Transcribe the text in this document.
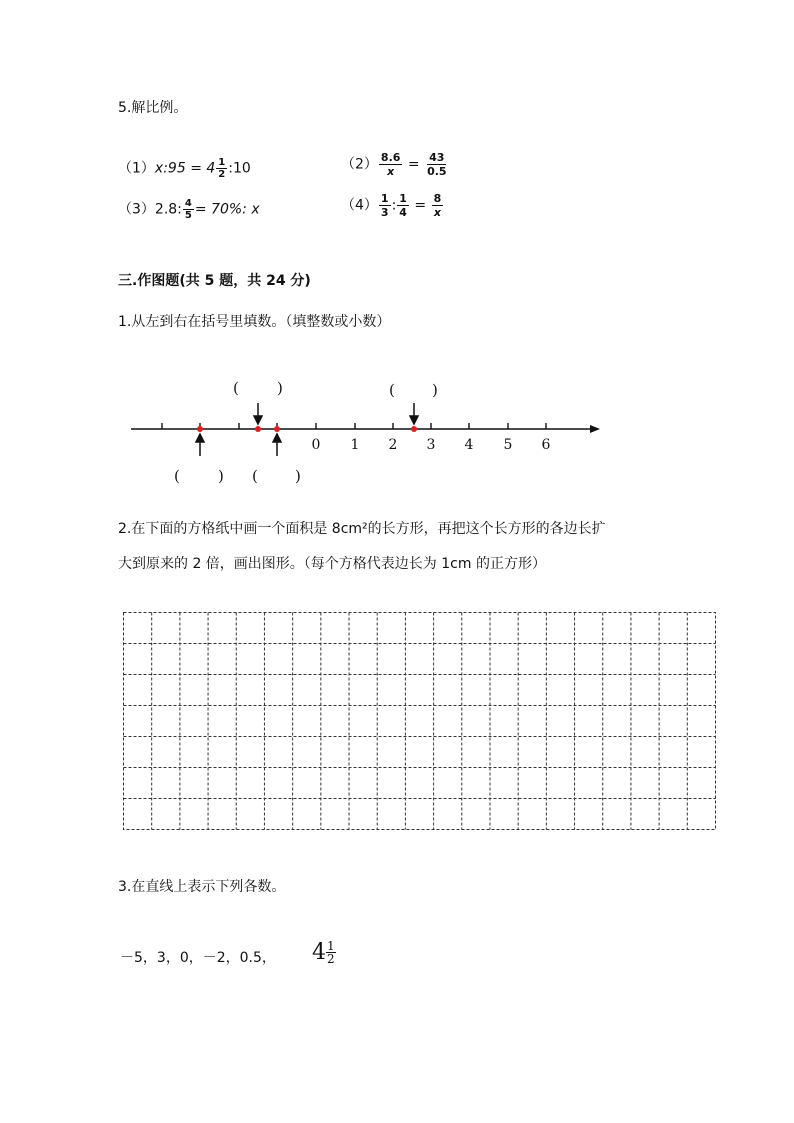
5.解比例。
（1）x:95 = $4 \frac{1}{2}$ :10	$(2) \frac{8.6}{x} = \frac{43}{0.5}$
（3）2.8: $\frac{4}{5} = 70\%$: x	$(4) \frac{1}{3}$ : $\frac{1}{4} = \frac{8}{x}$
三.作图题(共 5 题，共 24 分)
1.从左到右在括号里填数。（填整数或小数）
0 1 2 3 4 5 6
(	)	( )
(	) ( )
2.在下面的方格纸中画一个面积是 8cm²的长方形，再把这个长方形的各边长扩
大到原来的 2 倍，画出图形。（每个方格代表边长为 1cm 的正方形）
3.在直线上表示下列各数。
－5，3，0，－2，0.5， $4 \frac{1}{2}$
